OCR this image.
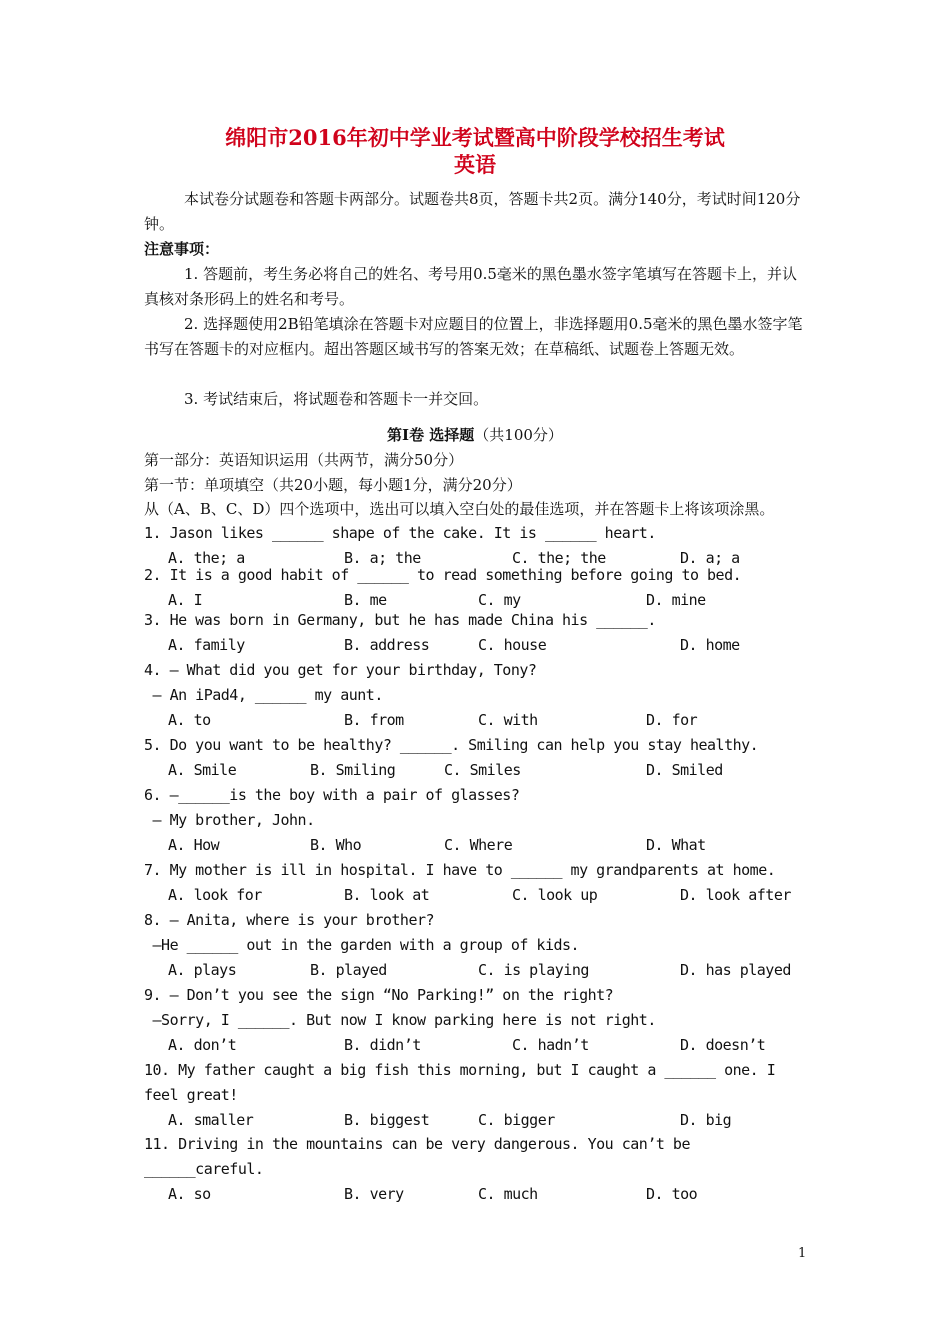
绵阳市2016年初中学业考试暨高中阶段学校招生考试
英语
本试卷分试题卷和答题卡两部分。试题卷共8页，答题卡共2页。满分140分，考试时间120分钟。
注意事项：
1. 答题前，考生务必将自己的姓名、考号用0.5毫米的黑色墨水签字笔填写在答题卡上，并认真核对条形码上的姓名和考号。
2. 选择题使用2B铅笔填涂在答题卡对应题目的位置上，非选择题用0.5毫米的黑色墨水签字笔书写在答题卡的对应框内。超出答题区域书写的答案无效；在草稿纸、试题卷上答题无效。
3. 考试结束后，将试题卷和答题卡一并交回。
第Ⅰ卷 选择题（共100分）
第一部分：英语知识运用（共两节，满分50分）
第一节：单项填空（共20小题，每小题1分，满分20分）
从（A、B、C、D）四个选项中，选出可以填入空白处的最佳选项，并在答题卡上将该项涂黑。
1. Jason likes ______ shape of the cake. It is ______ heart.
A. the; a	B. a; the	C. the; the	D. a; a
2. It is a good habit of ______ to read something before going to bed.
A. I	B. me	C. my	D. mine
3. He was born in Germany, but he has made China his ______.
A. family	B. address	C. house	D. home
4. — What did you get for your birthday, Tony?
— An iPad4, ______ my aunt.
A. to	B. from	C. with	D. for
5. Do you want to be healthy? ______. Smiling can help you stay healthy.
A. Smile	B. Smiling	C. Smiles	D. Smiled
6. —______is the boy with a pair of glasses?
— My brother, John.
A. How	B. Who	C. Where	D. What
7. My mother is ill in hospital. I have to ______ my grandparents at home.
A. look for	B. look at	C. look up	D. look after
8. — Anita, where is your brother?
—He ______ out in the garden with a group of kids.
A. plays	B. played	C. is playing	D. has played
9. — Don’t you see the sign “No Parking!” on the right?
—Sorry, I ______. But now I know parking here is not right.
A. don’t	B. didn’t	C. hadn’t	D. doesn’t
10. My father caught a big fish this morning, but I caught a ______ one. I
feel great!
A. smaller	B. biggest	C. bigger	D. big
11. Driving in the mountains can be very dangerous. You can’t be
______careful.
A. so	B. very	C. much	D. too
1
